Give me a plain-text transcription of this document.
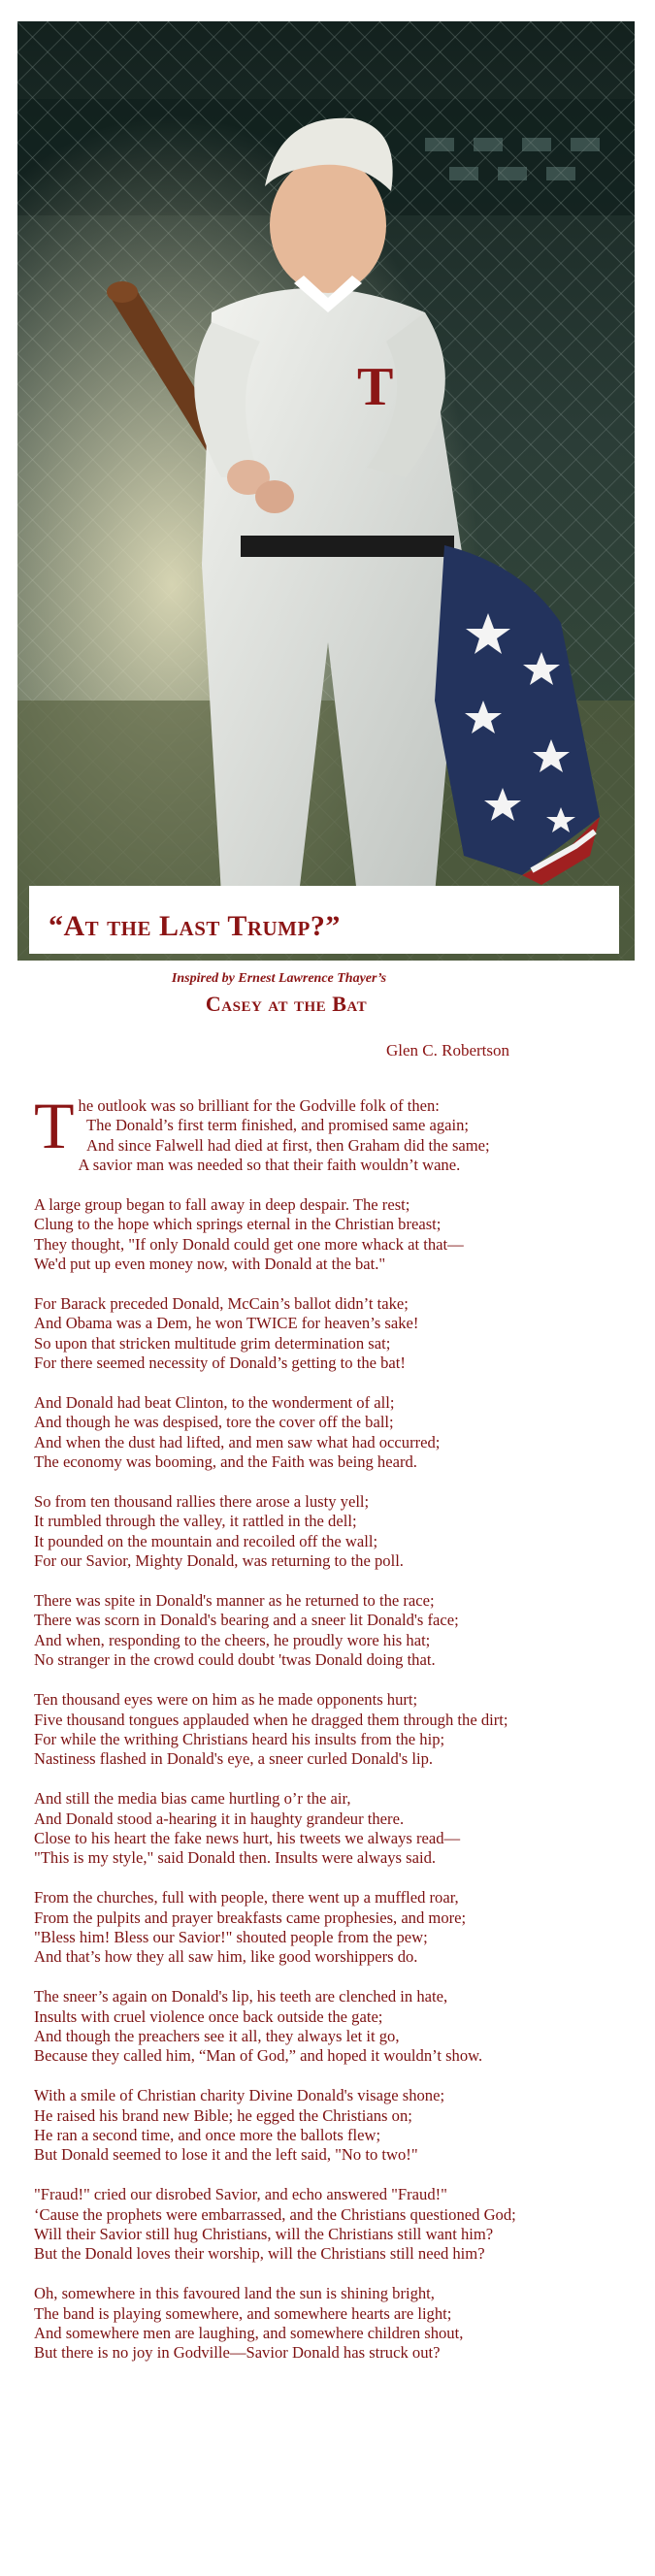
T
“At the Last Trump?”
Inspired by Ernest Lawrence Thayer’s
Casey at the Bat
Glen C. Robertson
T he outlook was so brilliant for the Godville folk of then:
The Donald’s first term finished, and promised same again;
And since Falwell had died at first, then Graham did the same;
A savior man was needed so that their faith wouldn’t wane.
A large group began to fall away in deep despair. The rest;
Clung to the hope which springs eternal in the Christian breast;
They thought, "If only Donald could get one more whack at that—
We'd put up even money now, with Donald at the bat."
For Barack preceded Donald, McCain’s ballot didn’t take;
And Obama was a Dem, he won TWICE for heaven’s sake!
So upon that stricken multitude grim determination sat;
For there seemed necessity of Donald’s getting to the bat!
And Donald had beat Clinton, to the wonderment of all;
And though he was despised, tore the cover off the ball;
And when the dust had lifted, and men saw what had occurred;
The economy was booming, and the Faith was being heard.
So from ten thousand rallies there arose a lusty yell;
It rumbled through the valley, it rattled in the dell;
It pounded on the mountain and recoiled off the wall;
For our Savior, Mighty Donald, was returning to the poll.
There was spite in Donald's manner as he returned to the race;
There was scorn in Donald's bearing and a sneer lit Donald's face;
And when, responding to the cheers, he proudly wore his hat;
No stranger in the crowd could doubt 'twas Donald doing that.
Ten thousand eyes were on him as he made opponents hurt;
Five thousand tongues applauded when he dragged them through the dirt;
For while the writhing Christians heard his insults from the hip;
Nastiness flashed in Donald's eye, a sneer curled Donald's lip.
And still the media bias came hurtling o’r the air,
And Donald stood a-hearing it in haughty grandeur there.
Close to his heart the fake news hurt, his tweets we always read—
"This is my style," said Donald then. Insults were always said.
From the churches, full with people, there went up a muffled roar,
From the pulpits and prayer breakfasts came prophesies, and more;
"Bless him! Bless our Savior!" shouted people from the pew;
And that’s how they all saw him, like good worshippers do.
The sneer’s again on Donald's lip, his teeth are clenched in hate,
Insults with cruel violence once back outside the gate;
And though the preachers see it all, they always let it go,
Because they called him, “Man of God,” and hoped it wouldn’t show.
With a smile of Christian charity Divine Donald's visage shone;
He raised his brand new Bible; he egged the Christians on;
He ran a second time, and once more the ballots flew;
But Donald seemed to lose it and the left said, "No to two!"
"Fraud!" cried our disrobed Savior, and echo answered "Fraud!"
‘Cause the prophets were embarrassed, and the Christians questioned God;
Will their Savior still hug Christians, will the Christians still want him?
But the Donald loves their worship, will the Christians still need him?
Oh, somewhere in this favoured land the sun is shining bright,
The band is playing somewhere, and somewhere hearts are light;
And somewhere men are laughing, and somewhere children shout,
But there is no joy in Godville—Savior Donald has struck out?
